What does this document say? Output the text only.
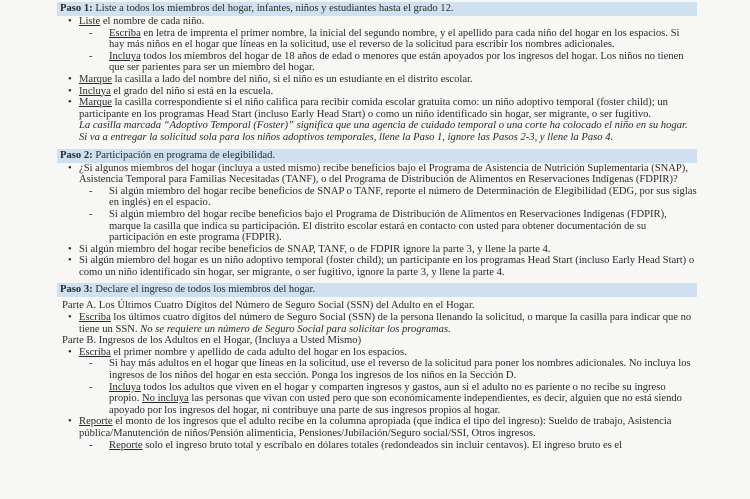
Paso 1: Liste a todos los miembros del hogar, infantes, niños y estudiantes hasta el grado 12.
• Liste el nombre de cada niño.
- Escriba en letra de imprenta el primer nombre, la inicial del segundo nombre, y el apellido para cada niño del hogar en los espacios. Si hay más niños en el hogar que líneas en la solicitud, use el reverso de la solicitud para escribir los nombres adicionales.
- Incluya todos los miembros del hogar de 18 años de edad o menores que están apoyados por los ingresos del hogar. Los niños no tienen que ser parientes para ser un miembro del hogar.
• Marque la casilla a lado del nombre del niño, si el niño es un estudiante en el distrito escolar.
• Incluya el grado del niño si está en la escuela.
• Marque la casilla correspondiente si el niño califica para recibir comida escolar gratuita como: un niño adoptivo temporal (foster child); un participante en los programas Head Start (incluso Early Head Start) o como un niño identificado sin hogar, ser migrante, o ser fugitivo.
La casilla marcada “Adoptivo Temporal (Foster)” significa que una agencia de cuidado temporal o una corte ha colocado el niño en su hogar. Si va a entregar la solicitud sola para los niños adoptivos temporales, llene la Paso 1, ignore las Pasos 2-3, y llene la Paso 4.
Paso 2: Participación en programa de elegibilidad.
• ¿Si algunos miembros del hogar (incluya a usted mismo) recibe beneficios bajo el Programa de Asistencia de Nutrición Suplementaria (SNAP), Asistencia Temporal para Familias Necesitadas (TANF), o del Programa de Distribución de Alimentos en Reservaciones Indígenas (FDPIR)?
- Si algún miembro del hogar recibe beneficios de SNAP o TANF, reporte el número de Determinación de Elegibilidad (EDG, por sus siglas en inglés) en el espacio.
- Si algún miembro del hogar recibe beneficios bajo el Programa de Distribución de Alimentos en Reservaciones Indígenas (FDPIR), marque la casilla que indica su participación. El distrito escolar estará en contacto con usted para obtener documentación de su participación en este programa (FDPIR).
• Si algún miembro del hogar recibe beneficios de SNAP, TANF, o de FDPIR ignore la parte 3, y llene la parte 4.
• Si algún miembro del hogar es un niño adoptivo temporal (foster child); un participante en los programas Head Start (incluso Early Head Start) o como un niño identificado sin hogar, ser migrante, o ser fugitivo, ignore la parte 3, y llene la parte 4.
Paso 3: Declare el ingreso de todos los miembros del hogar.
Parte A. Los Últimos Cuatro Dígitos del Número de Seguro Social (SSN) del Adulto en el Hogar.
• Escriba los últimos cuatro dígitos del número de Seguro Social (SSN) de la persona llenando la solicitud, o marque la casilla para indicar que no tiene un SSN. No se requiere un número de Seguro Social para solicitar los programas.
Parte B. Ingresos de los Adultos en el Hogar, (Incluya a Usted Mismo)
• Escriba el primer nombre y apellido de cada adulto del hogar en los espacios.
- Si hay más adultos en el hogar que líneas en la solicitud, use el reverso de la solicitud para poner los nombres adicionales. No incluya los ingresos de los niños del hogar en esta sección. Ponga los ingresos de los niños en la Sección D.
- Incluya todos los adultos que viven en el hogar y comparten ingresos y gastos, aun si el adulto no es pariente o no recibe su ingreso propio. No incluya las personas que vivan con usted pero que son económicamente independientes, es decir, alguien que no está siendo apoyado por los ingresos del hogar, ni contribuye una parte de sus ingresos propios al hogar.
• Reporte el monto de los ingresos que el adulto recibe en la columna apropiada (que indica el tipo del ingreso): Sueldo de trabajo, Asistencia pública/Manutención de niños/Pensión alimenticia, Pensiones/Jubilación/Seguro social/SSI, Otros ingresos.
- Reporte solo el ingreso bruto total y escríbalo en dólares totales (redondeados sin incluir centavos). El ingreso bruto es el
